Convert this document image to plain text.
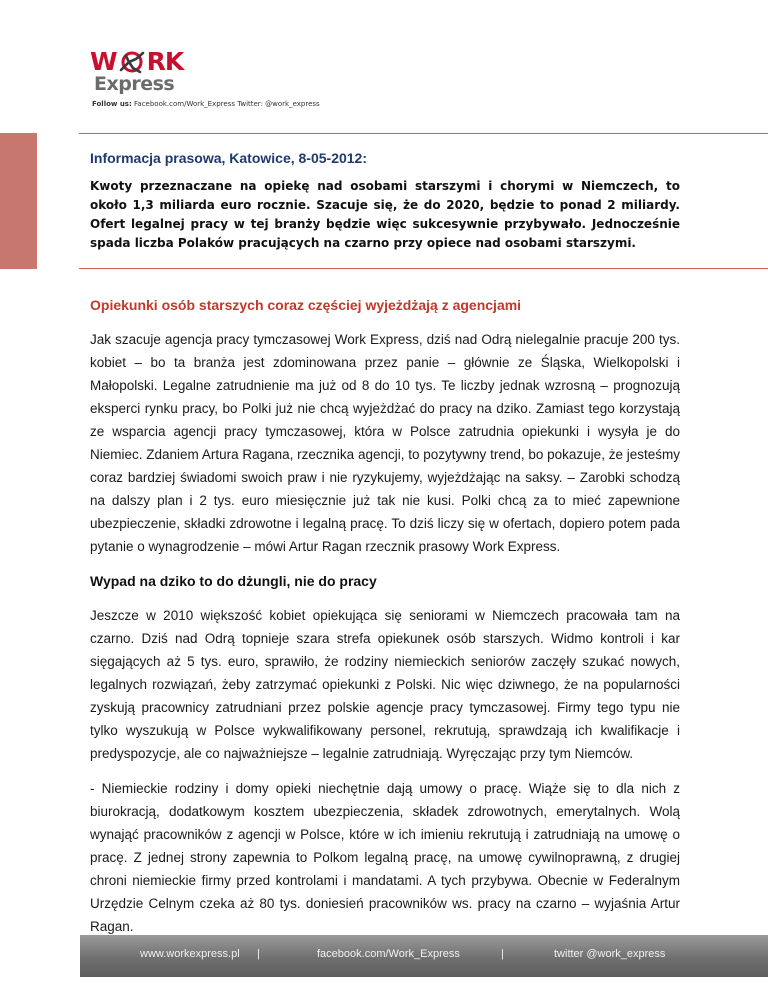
W RK
Express
Follow us: Facebook.com/Work_Express Twitter: @work_express
Informacja prasowa, Katowice, 8-05-2012:
Kwoty przeznaczane na opiekę nad osobami starszymi i chorymi w Niemczech, to około 1,3 miliarda euro rocznie. Szacuje się, że do 2020, będzie to ponad 2 miliardy. Ofert legalnej pracy w tej branży będzie więc sukcesywnie przybywało. Jednocześnie spada liczba Polaków pracujących na czarno przy opiece nad osobami starszymi.
Opiekunki osób starszych coraz częściej wyjeżdżają z agencjami

Jak szacuje agencja pracy tymczasowej Work Express, dziś nad Odrą nielegalnie pracuje 200 tys. kobiet – bo ta branża jest zdominowana przez panie – głównie ze Śląska, Wielkopolski i Małopolski. Legalne zatrudnienie ma już od 8 do 10 tys. Te liczby jednak wzrosną – prognozują eksperci rynku pracy, bo Polki już nie chcą wyjeżdżać do pracy na dziko. Zamiast tego korzystają ze wsparcia agencji pracy tymczasowej, która w Polsce zatrudnia opiekunki i wysyła je do Niemiec. Zdaniem Artura Ragana, rzecznika agencji, to pozytywny trend, bo pokazuje, że jesteśmy coraz bardziej świadomi swoich praw i nie ryzykujemy, wyjeżdżając na saksy. – Zarobki schodzą na dalszy plan i 2 tys. euro miesięcznie już tak nie kusi. Polki chcą za to mieć zapewnione ubezpieczenie, składki zdrowotne i legalną pracę. To dziś liczy się w ofertach, dopiero potem pada pytanie o wynagrodzenie – mówi Artur Ragan rzecznik prasowy Work Express.

Wypad na dziko to do dżungli, nie do pracy

Jeszcze w 2010 większość kobiet opiekująca się seniorami w Niemczech pracowała tam na czarno. Dziś nad Odrą topnieje szara strefa opiekunek osób starszych. Widmo kontroli i kar sięgających aż 5 tys. euro, sprawiło, że rodziny niemieckich seniorów zaczęły szukać nowych, legalnych rozwiązań, żeby zatrzymać opiekunki z Polski. Nic więc dziwnego, że na popularności zyskują pracownicy zatrudniani przez polskie agencje pracy tymczasowej. Firmy tego typu nie tylko wyszukują w Polsce wykwalifikowany personel, rekrutują, sprawdzają ich kwalifikacje i predyspozycje, ale co najważniejsze – legalnie zatrudniają. Wyręczając przy tym Niemców.

- Niemieckie rodziny i domy opieki niechętnie dają umowy o pracę. Wiąże się to dla nich z biurokracją, dodatkowym kosztem ubezpieczenia, składek zdrowotnych, emerytalnych. Wolą wynająć pracowników z agencji w Polsce, które w ich imieniu rekrutują i zatrudniają na umowę o pracę. Z jednej strony zapewnia to Polkom legalną pracę, na umowę cywilnoprawną, z drugiej chroni niemieckie firmy przed kontrolami i mandatami. A tych przybywa. Obecnie w Federalnym Urzędzie Celnym czeka aż 80 tys. doniesień pracowników ws. pracy na czarno – wyjaśnia Artur Ragan.

www.workexpress.pl |	facebook.com/Work_Express	|	twitter @work_express
